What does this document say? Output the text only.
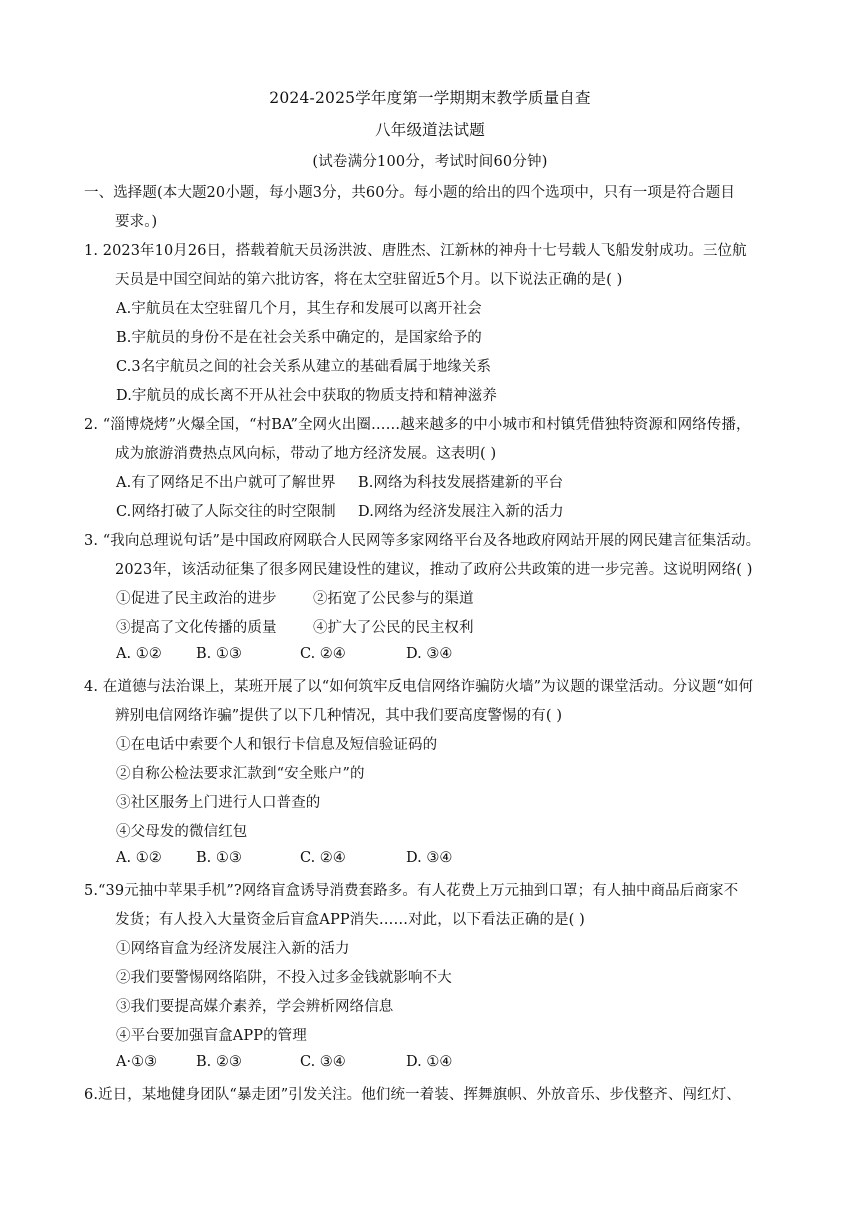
2024-2025学年度第一学期期末教学质量自查
八年级道法试题
(试卷满分100分，考试时间60分钟)
一、选择题(本大题20小题，每小题3分，共60分。每小题的给出的四个选项中，只有一项是符合题目
要求。)
1. 2023年10月26日，搭载着航天员汤洪波、唐胜杰、江新林的神舟十七号载人飞船发射成功。三位航
天员是中国空间站的第六批访客，将在太空驻留近5个月。以下说法正确的是( )
A.宇航员在太空驻留几个月，其生存和发展可以离开社会
B.宇航员的身份不是在社会关系中确定的，是国家给予的
C.3名宇航员之间的社会关系从建立的基础看属于地缘关系
D.宇航员的成长离不开从社会中获取的物质支持和精神滋养
2. “淄博烧烤”火爆全国，“村BA”全网火出圈……越来越多的中小城市和村镇凭借独特资源和网络传播，
成为旅游消费热点风向标，带动了地方经济发展。这表明( )
A.有了网络足不出户就可了解世界 B.网络为科技发展搭建新的平台
C.网络打破了人际交往的时空限制 D.网络为经济发展注入新的活力
3. “我向总理说句话”是中国政府网联合人民网等多家网络平台及各地政府网站开展的网民建言征集活动。
2023年，该活动征集了很多网民建设性的建议，推动了政府公共政策的进一步完善。这说明网络( )
①促进了民主政治的进步	②拓宽了公民参与的渠道
③提高了文化传播的质量	④扩大了公民的民主权利
A. ①② B. ①③	C. ②④	D. ③④
4. 在道德与法治课上，某班开展了以“如何筑牢反电信网络诈骗防火墙”为议题的课堂活动。分议题“如何
辨别电信网络诈骗”提供了以下几种情况，其中我们要高度警惕的有( )
①在电话中索要个人和银行卡信息及短信验证码的
②自称公检法要求汇款到“安全账户”的
③社区服务上门进行人口普查的
④父母发的微信红包
A. ①② B. ①③	C. ②④	D. ③④
5.“39元抽中苹果手机”?网络盲盒诱导消费套路多。有人花费上万元抽到口罩；有人抽中商品后商家不
发货；有人投入大量资金后盲盒APP消失……对此，以下看法正确的是( )
①网络盲盒为经济发展注入新的活力
②我们要警惕网络陷阱，不投入过多金钱就影响不大
③我们要提高媒介素养，学会辨析网络信息
④平台要加强盲盒APP的管理
A·①③	B. ②③	C. ③④	D. ①④
6.近日，某地健身团队“暴走团”引发关注。他们统一着装、挥舞旗帜、外放音乐、步伐整齐、闯红灯、
